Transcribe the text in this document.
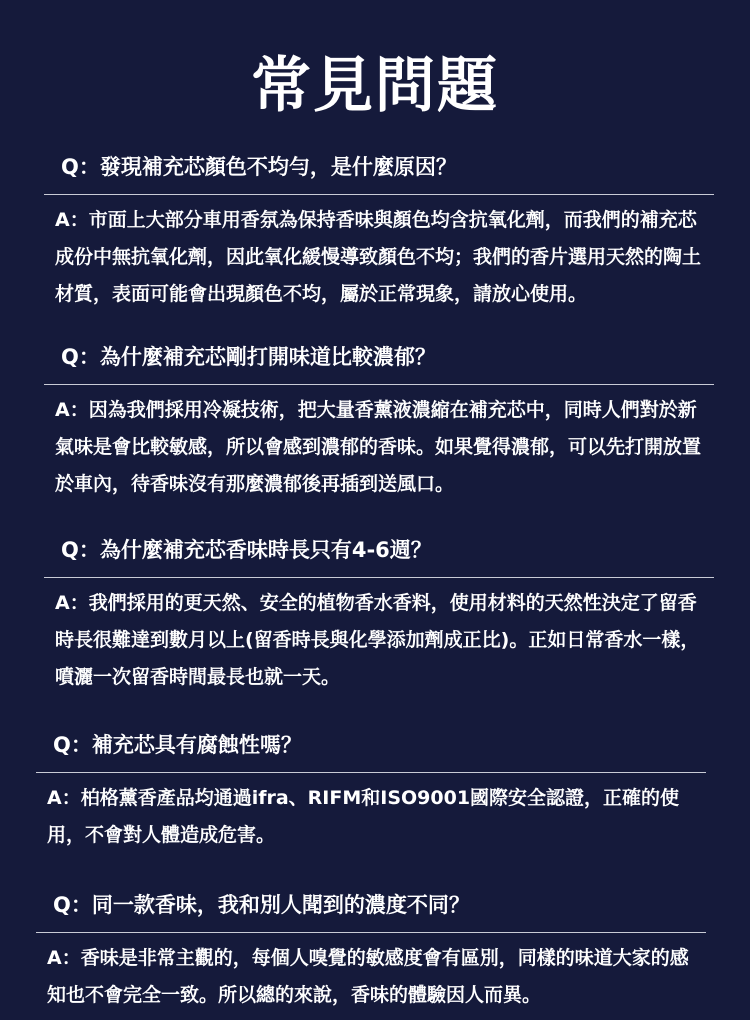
常見問題
Q：發現補充芯顏色不均勻，是什麼原因？
A：市面上大部分車用香氛為保持香味與顏色均含抗氧化劑，而我們的補充芯成份中無抗氧化劑，因此氧化緩慢導致顏色不均；我們的香片選用天然的陶土材質，表面可能會出現顏色不均，屬於正常現象，請放心使用。
Q：為什麼補充芯剛打開味道比較濃郁？
A：因為我們採用冷凝技術，把大量香薰液濃縮在補充芯中，同時人們對於新氣味是會比較敏感，所以會感到濃郁的香味。如果覺得濃郁，可以先打開放置於車內，待香味沒有那麼濃郁後再插到送風口。
Q：為什麼補充芯香味時長只有4-6週？
A：我們採用的更天然、安全的植物香水香料，使用材料的天然性決定了留香時長很難達到數月以上(留香時長與化學添加劑成正比)。正如日常香水一樣，噴灑一次留香時間最長也就一天。
Q：補充芯具有腐蝕性嗎？
A：柏格薰香產品均通過ifra、RIFM和ISO9001國際安全認證，正確的使用，不會對人體造成危害。
Q：同一款香味，我和別人聞到的濃度不同？
A：香味是非常主觀的，每個人嗅覺的敏感度會有區別，同樣的味道大家的感知也不會完全一致。所以總的來說，香味的體驗因人而異。
